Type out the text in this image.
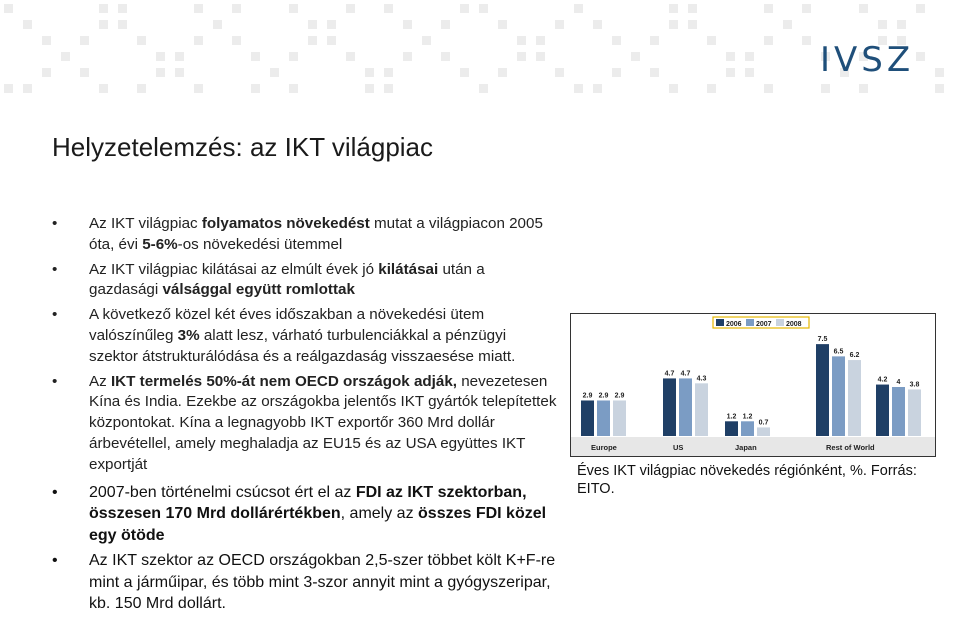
IVSZ
Helyzetelemzés: az IKT világpiac
• Az IKT világpiac folyamatos növekedést mutat a világpiacon 2005 óta, évi 5-6%-os növekedési ütemmel
• Az IKT világpiac kilátásai az elmúlt évek jó kilátásai után a gazdasági válsággal együtt romlottak
• A következő közel két éves időszakban a növekedési ütem valószínűleg 3% alatt lesz, várható turbulenciákkal a pénzügyi szektor átstrukturálódása és a reálgazdaság visszaesése miatt.
• Az IKT termelés 50%-át nem OECD országok adják, nevezetesen Kína és India. Ezekbe az országokba jelentős IKT gyártók telepítettek központokat. Kína a legnagyobb IKT exportőr 360 Mrd dollár árbevétellel, amely meghaladja az EU15 és az USA együttes IKT exportját
• 2007-ben történelmi csúcsot ért el az FDI az IKT szektorban, összesen 170 Mrd dollárértékben, amely az összes FDI közel egy ötöde
• Az IKT szektor az OECD országokban 2,5-szer többet költ K+F-re mint a járműipar, és több mint 3-szor annyit mint a gyógyszeripar, kb. 150 Mrd dollárt.
2006 2007 2008
2.9 2.9 2.9
4.7 4.7
4.3
1.2 1.2
0.7
7.5
6.5
6.2
4.2 4 3.8
Europe	US	Japan	Rest of World
Éves IKT világpiac növekedés régiónként, %. Forrás: EITO.
